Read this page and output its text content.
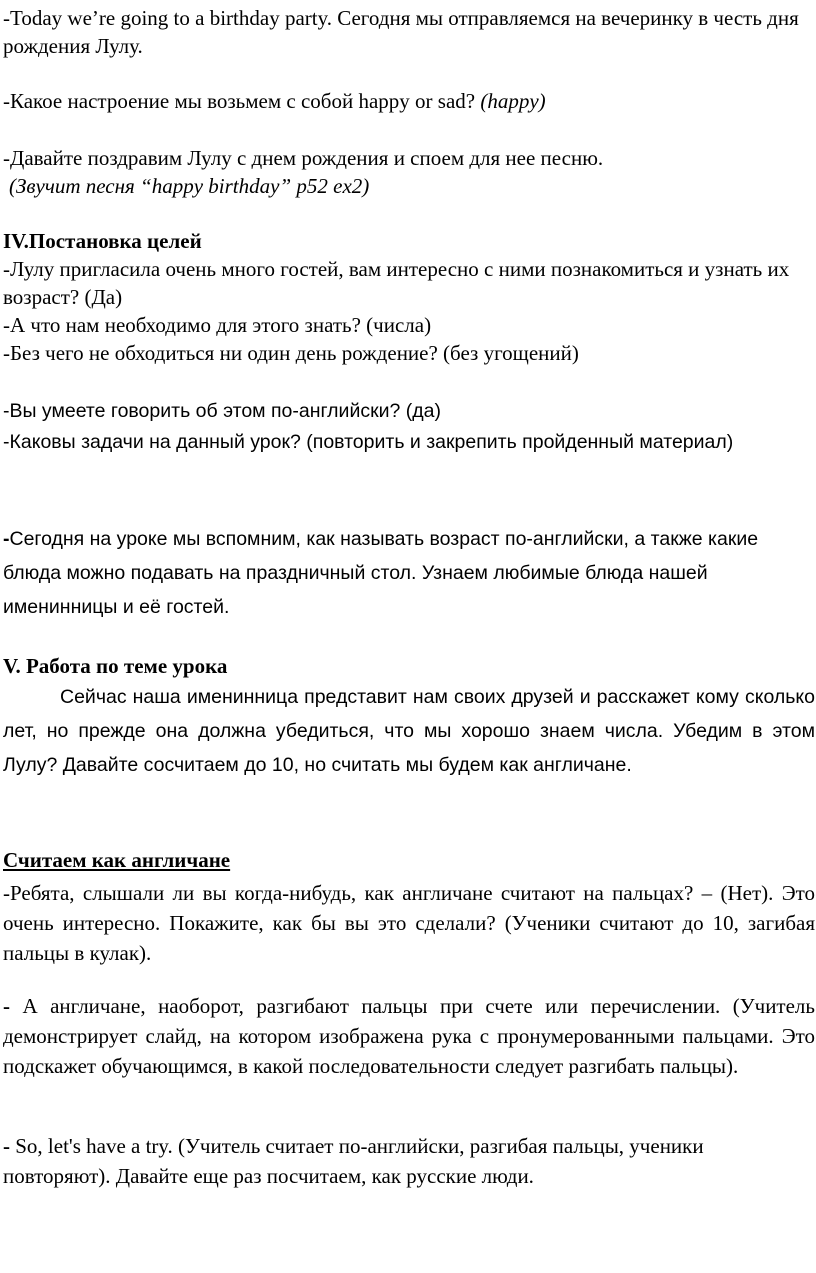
-Today we’re going to a birthday party. Сегодня мы отправляемся на вечеринку в честь дня рождения Лулу.

-Какое настроение мы возьмем с собой happy or sad? (happy)

-Давайте поздравим Лулу с днем рождения и споем для нее песню.

(Звучит песня “happy birthday” p52 ex2)

IV.Постановка целей

-Лулу пригласила очень много гостей, вам интересно с ними познакомиться и узнать их возраст? (Да)

-А что нам необходимо для этого знать? (числа)

-Без чего не обходиться ни один день рождение? (без угощений)

-Вы умеете говорить об этом по-английски? (да)

-Каковы задачи на данный урок? (повторить и закрепить пройденный материал)

-Сегодня на уроке мы вспомним, как называть возраст по-английски, а также какие блюда можно подавать на праздничный стол. Узнаем любимые блюда нашей именинницы и её гостей.

V. Работа по теме урока

Сейчас наша именинница представит нам своих друзей и расскажет кому сколько лет, но прежде она должна убедиться, что мы хорошо знаем числа. Убедим в этом Лулу? Давайте сосчитаем до 10, но считать мы будем как англичане.

Считаем как англичане

-Ребята, слышали ли вы когда-нибудь, как англичане считают на пальцах? – (Нет). Это очень интересно. Покажите, как бы вы это сделали? (Ученики считают до 10, загибая пальцы в кулак).

- А англичане, наоборот, разгибают пальцы при счете или перечислении. (Учитель демонстрирует слайд, на котором изображена рука с пронумерованными пальцами. Это подскажет обучающимся, в какой последовательности следует разгибать пальцы).

- So, let's have a try. (Учитель считает по-английски, разгибая пальцы, ученики повторяют). Давайте еще раз посчитаем, как русские люди.
